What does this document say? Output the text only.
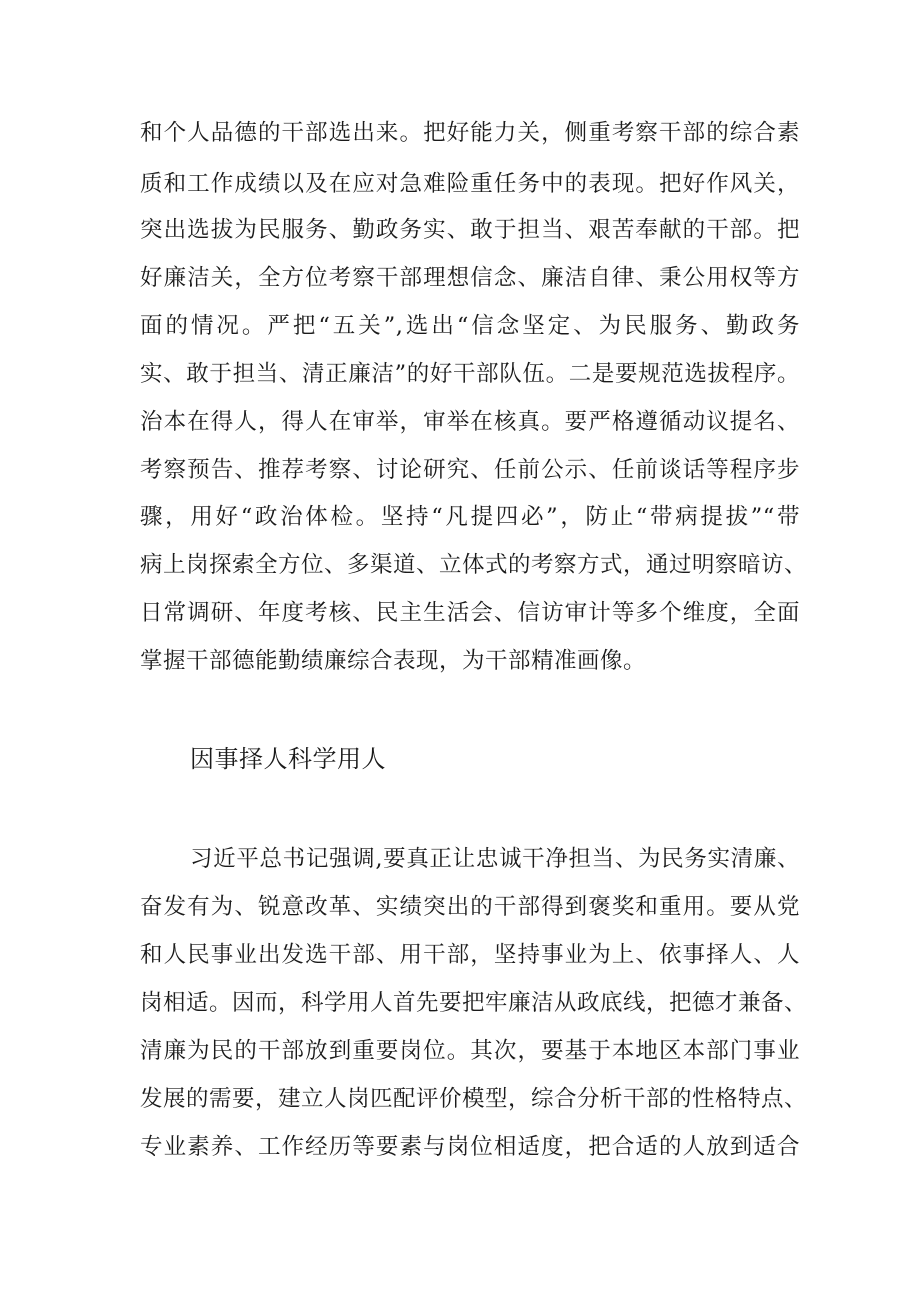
和个人品德的干部选出来。把好能力关，侧重考察干部的综合素
质和工作成绩以及在应对急难险重任务中的表现。把好作风关，
突出选拔为民服务、勤政务实、敢于担当、艰苦奉献的干部。把
好廉洁关，全方位考察干部理想信念、廉洁自律、秉公用权等方
面的情况。严把“五关”,选出“信念坚定、为民服务、勤政务
实、敢于担当、清正廉洁”的好干部队伍。二是要规范选拔程序。
治本在得人，得人在审举，审举在核真。要严格遵循动议提名、
考察预告、推荐考察、讨论研究、任前公示、任前谈话等程序步
骤，用好“政治体检。坚持“凡提四必”，防止“带病提拔”“带
病上岗探索全方位、多渠道、立体式的考察方式，通过明察暗访、
日常调研、年度考核、民主生活会、信访审计等多个维度，全面
掌握干部德能勤绩廉综合表现，为干部精准画像。
因事择人科学用人
习近平总书记强调,要真正让忠诚干净担当、为民务实清廉、
奋发有为、锐意改革、实绩突出的干部得到褒奖和重用。要从党
和人民事业出发选干部、用干部，坚持事业为上、依事择人、人
岗相适。因而，科学用人首先要把牢廉洁从政底线，把德才兼备、
清廉为民的干部放到重要岗位。其次，要基于本地区本部门事业
发展的需要，建立人岗匹配评价模型，综合分析干部的性格特点、
专业素养、工作经历等要素与岗位相适度，把合适的人放到适合
